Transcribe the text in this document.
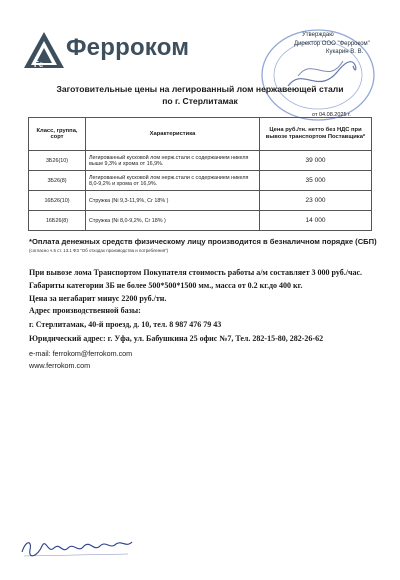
Fe
Ферроком	Утверждаю
Директор ООО "Ферроком"
Кукарин В. В.
Заготовительные цены на легированный лом нержавеющей стали
по г. Стерлитамак
от 04.08.2025 г.
Класс, группа, сорт	Характеристика	Цена руб./тн. нетто без НДС при вывозе транспортом Поставщика*
3Б26(10)	Легированный кусковой лом нерж.стали с содержанием никеля выше 9,3% и хрома от 16,9%.	39 000
3Б26(8)	Легированный кусковой лом нерж.стали с содержанием никеля 8,0-9,2% и хрома от 16,9%.	35 000
16Б26(10)	Стружка (Ni 9,3-11,9%, Cr 18% )	23 000
16Б26(8)	Стружка (Ni 8,0-9,2%, Cr 18% )	14 000
*Оплата денежных средств физическому лицу производится в безналичном порядке (СБП)
(согласно ч.5 ст. 13.1 ФЗ "Об отходах производства и потребления")
При вывозе лома Транспортом Покупателя стоимость работы а/м составляет 3 000 руб./час.
Габариты категории 3Б не более 500*500*1500 мм., масса от 0.2 кг.до 400 кг.
Цена за негабарит минус 2200 руб./тн.
Адрес производственной базы:
г. Стерлитамак, 40-й проезд, д. 10, тел. 8 987 476 79 43
Юридический адрес: г. Уфа, ул. Бабушкина 25 офис №7, Тел. 282-15-80, 282-26-62
e-mail: ferrokom@ferrokom.com
www.ferrokom.com
